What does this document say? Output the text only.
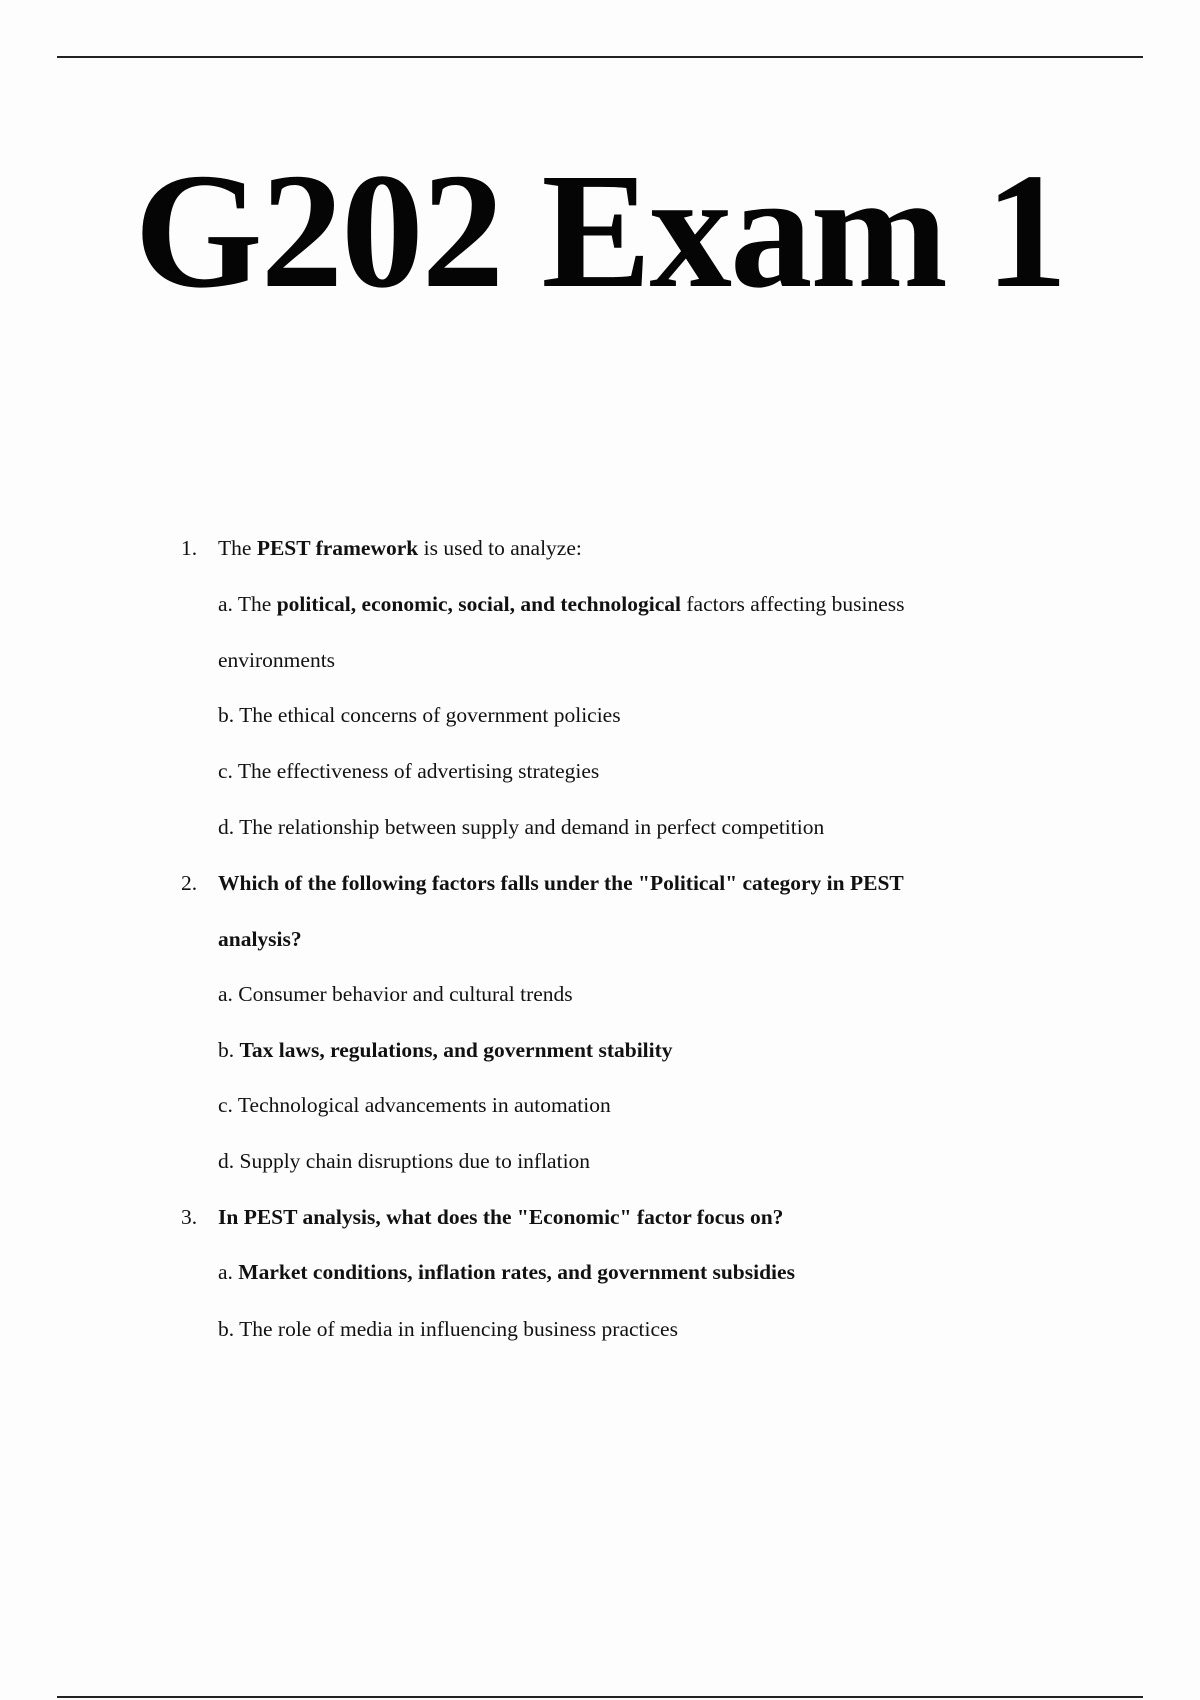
G202 Exam 1
1. The PEST framework is used to analyze:
a. The political, economic, social, and technological factors affecting business
environments
b. The ethical concerns of government policies
c. The effectiveness of advertising strategies
d. The relationship between supply and demand in perfect competition
2. Which of the following factors falls under the "Political" category in PEST
analysis?
a. Consumer behavior and cultural trends
b. Tax laws, regulations, and government stability
c. Technological advancements in automation
d. Supply chain disruptions due to inflation
3. In PEST analysis, what does the "Economic" factor focus on?
a. Market conditions, inflation rates, and government subsidies
b. The role of media in influencing business practices
